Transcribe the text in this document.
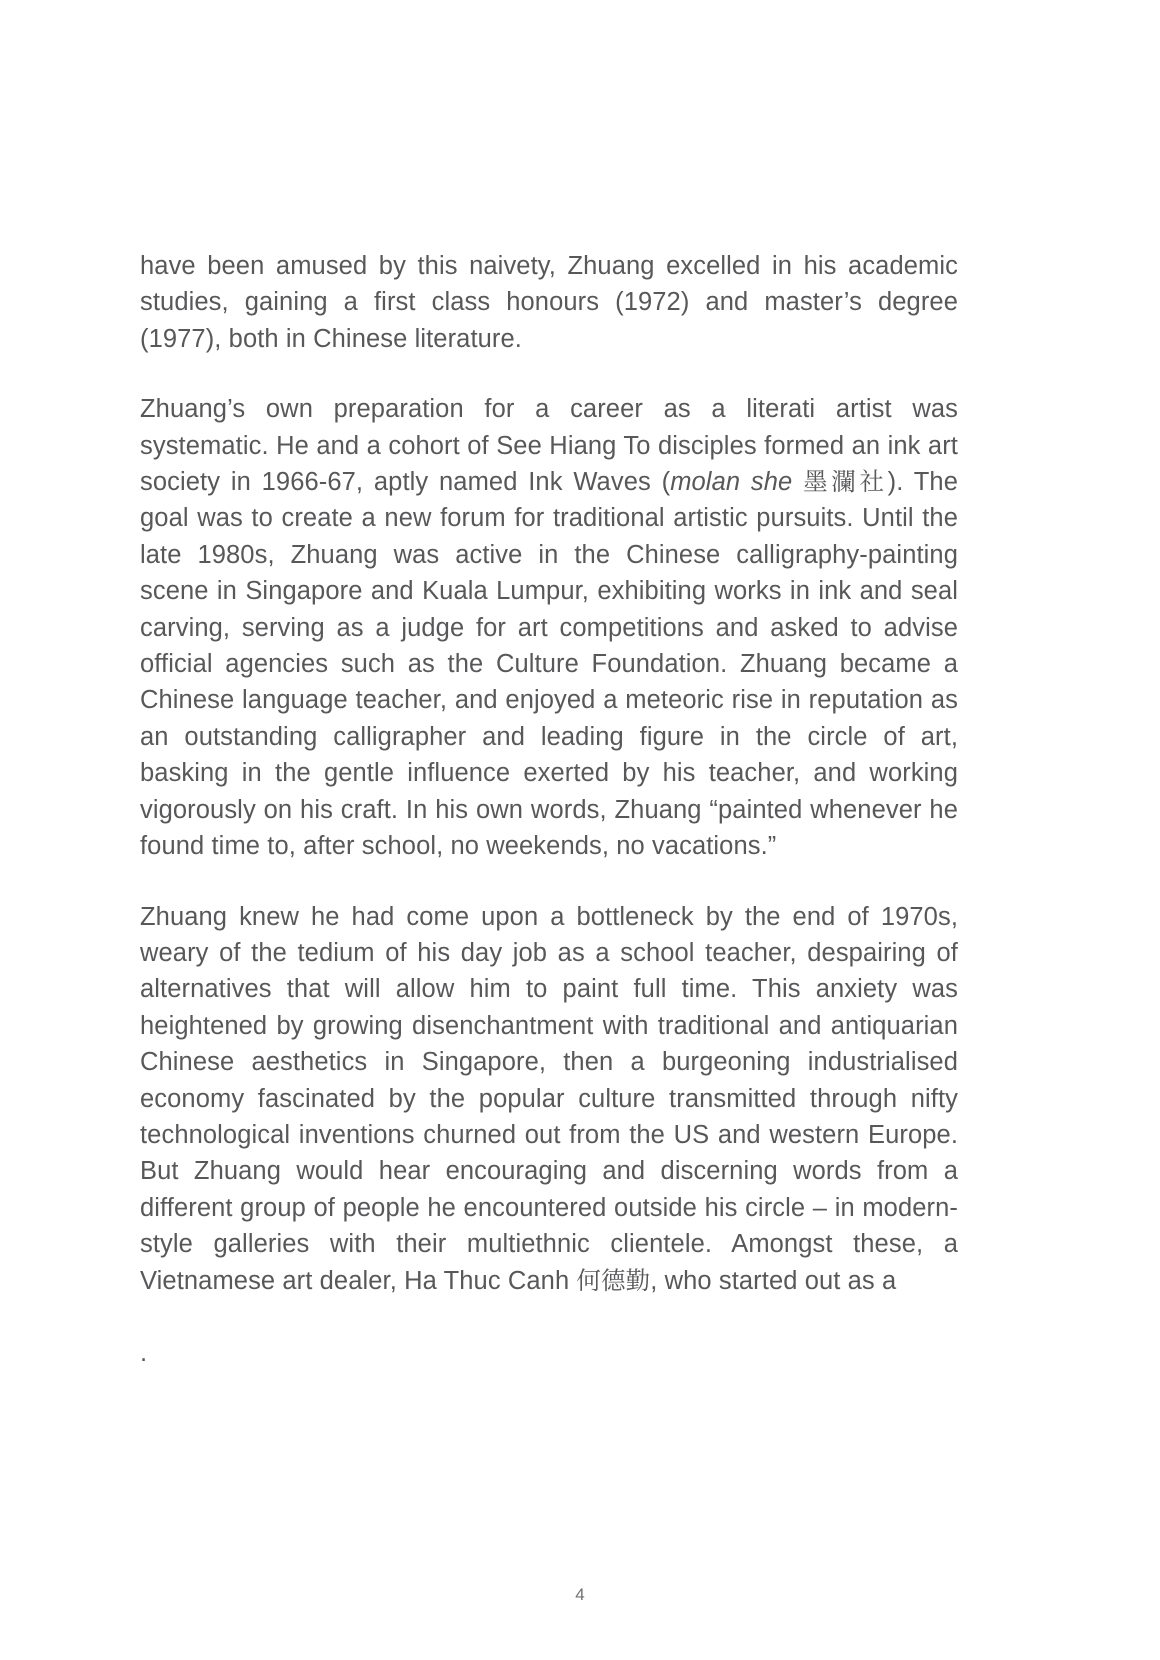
have been amused by this naivety, Zhuang excelled in his academic studies, gaining a first class honours (1972) and master’s degree (1977), both in Chinese literature.

Zhuang’s own preparation for a career as a literati artist was systematic. He and a cohort of See Hiang To disciples formed an ink art society in 1966-67, aptly named Ink Waves (molan she 墨瀾社). The goal was to create a new forum for traditional artistic pursuits. Until the late 1980s, Zhuang was active in the Chinese calligraphy-painting scene in Singapore and Kuala Lumpur, exhibiting works in ink and seal carving, serving as a judge for art competitions and asked to advise official agencies such as the Culture Foundation. Zhuang became a Chinese language teacher, and enjoyed a meteoric rise in reputation as an outstanding calligrapher and leading figure in the circle of art, basking in the gentle influence exerted by his teacher, and working vigorously on his craft. In his own words, Zhuang “painted whenever he found time to, after school, no weekends, no vacations.”

Zhuang knew he had come upon a bottleneck by the end of 1970s, weary of the tedium of his day job as a school teacher, despairing of alternatives that will allow him to paint full time. This anxiety was heightened by growing disenchantment with traditional and antiquarian Chinese aesthetics in Singapore, then a burgeoning industrialised economy fascinated by the popular culture transmitted through nifty technological inventions churned out from the US and western Europe. But Zhuang would hear encouraging and discerning words from a different group of people he encountered outside his circle – in modern-style galleries with their multiethnic clientele. Amongst these, a Vietnamese art dealer, Ha Thuc Canh 何德勤, who started out as a

.

4
